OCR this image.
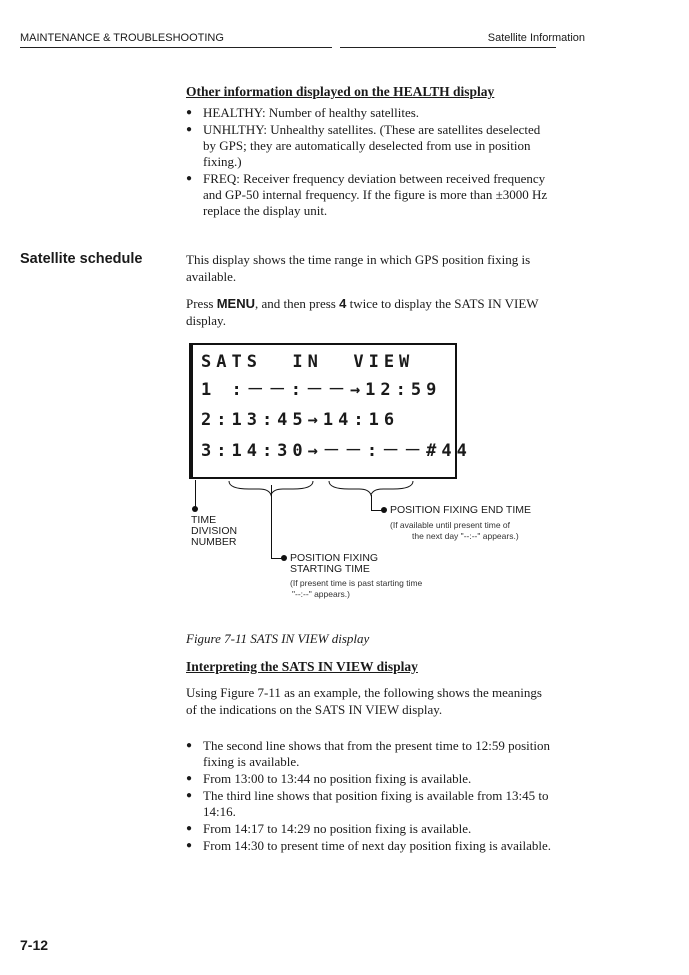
MAINTENANCE & TROUBLESHOOTING	Satellite Information
Other information displayed on the HEALTH display
● HEALTHY: Number of healthy satellites.
● UNHLTHY: Unhealthy satellites. (These are satellites deselected by GPS; they are automatically deselected from use in position fixing.)
● FREQ: Receiver frequency deviation between received frequency and GP-50 internal frequency. If the figure is more than ±3000 Hz replace the display unit.
Satellite schedule	This display shows the time range in which GPS position fixing is available.
Press MENU, and then press 4 twice to display the SATS IN VIEW display.
SATS  IN  VIEW
1 :－－:－－→12:59
2:13:45→14:16
3:14:30→－－:－－#44
TIME
DIVISION
NUMBER
POSITION FIXING END TIME
(If available until present time of
the next day "--:--" appears.)
POSITION FIXING
STARTING TIME
(If present time is past starting time
"--:--" appears.)
Figure 7-11 SATS IN VIEW display
Interpreting the SATS IN VIEW display
Using Figure 7-11 as an example, the following shows the meanings of the indications on the SATS IN VIEW display.
● The second line shows that from the present time to 12:59 position fixing is available.
● From 13:00 to 13:44 no position fixing is available.
● The third line shows that position fixing is available from 13:45 to 14:16.
● From 14:17 to 14:29 no position fixing is available.
● From 14:30 to present time of next day position fixing is available.
7-12
